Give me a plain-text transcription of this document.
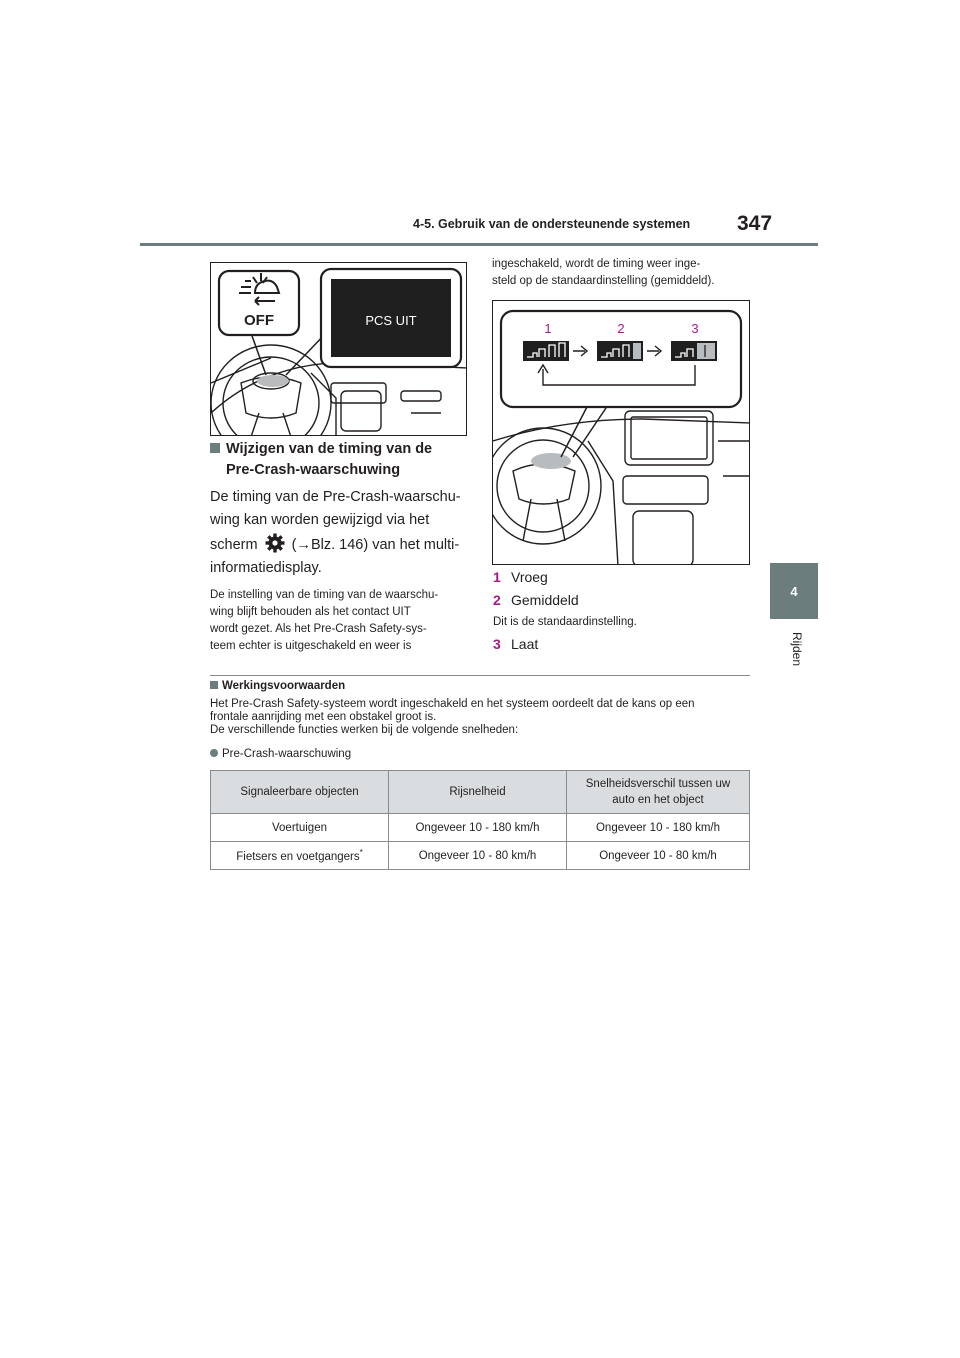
4-5. Gebruik van de ondersteunende systemen 347
4
Rijden
OFF	PCS UIT
Wijzigen van de timing van de
Pre-Crash-waarschuwing
De timing van de Pre-Crash-waarschu-
wing kan worden gewijzigd via het
scherm (→Blz. 146) van het multi-
informatiedisplay.
De instelling van de timing van de waarschu-
wing blijft behouden als het contact UIT
wordt gezet. Als het Pre-Crash Safety-sys-
teem echter is uitgeschakeld en weer is
ingeschakeld, wordt de timing weer inge-
steld op de standaardinstelling (gemiddeld).
1	2	3
1 Vroeg
2 Gemiddeld
Dit is de standaardinstelling.
3 Laat
Werkingsvoorwaarden
Het Pre-Crash Safety-systeem wordt ingeschakeld en het systeem oordeelt dat de kans op een
frontale aanrijding met een obstakel groot is.
De verschillende functies werken bij de volgende snelheden:
Pre-Crash-waarschuwing
Signaleerbare objecten	Rijsnelheid	Snelheidsverschil tussen uw
auto en het object

Voertuigen	Ongeveer 10 - 180 km/h	Ongeveer 10 - 180 km/h
Fietsers en voetgangers*	Ongeveer 10 - 80 km/h	Ongeveer 10 - 80 km/h
